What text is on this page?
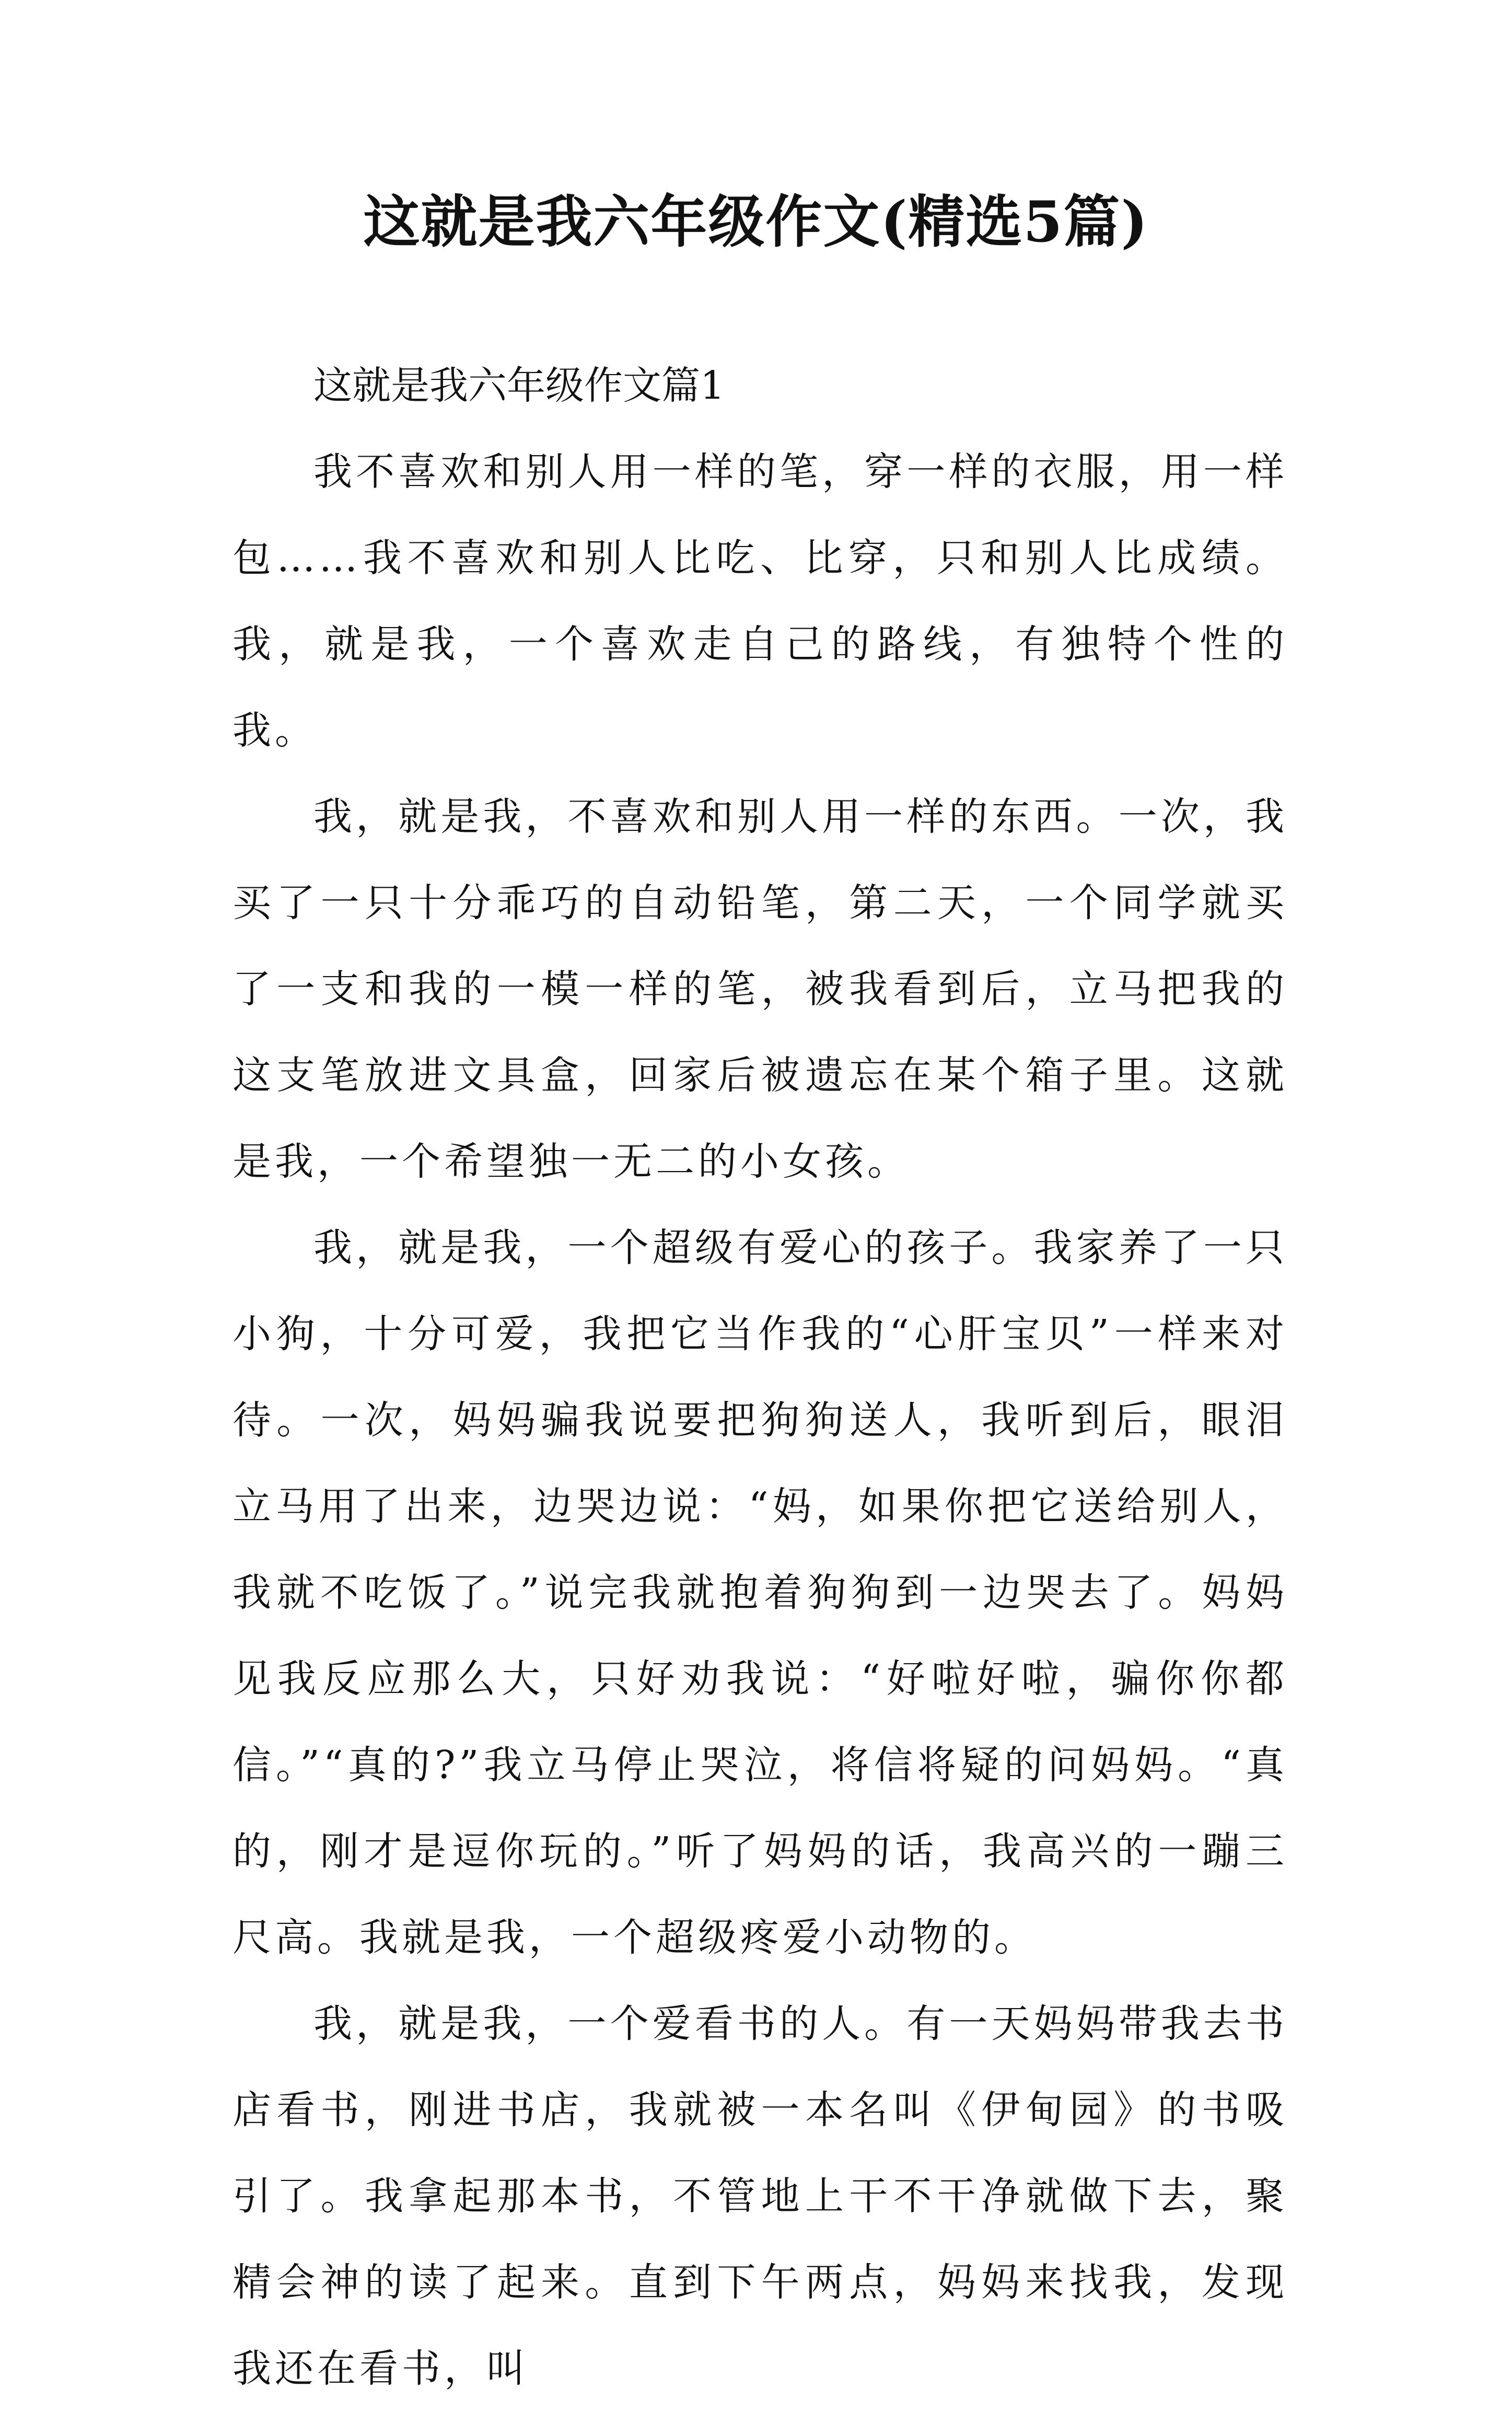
这就是我六年级作文(精选5篇)
这就是我六年级作文篇1

我不喜欢和别人用一样的笔，穿一样的衣服，用一样包……我不喜欢和别人比吃、比穿，只和别人比成绩。我，就是我，一个喜欢走自己的路线，有独特个性的我。

我，就是我，不喜欢和别人用一样的东西。一次，我买了一只十分乖巧的自动铅笔，第二天，一个同学就买了一支和我的一模一样的笔，被我看到后，立马把我的这支笔放进文具盒，回家后被遗忘在某个箱子里。这就是我，一个希望独一无二的小女孩。

我，就是我，一个超级有爱心的孩子。我家养了一只小狗，十分可爱，我把它当作我的“心肝宝贝”一样来对待。一次，妈妈骗我说要把狗狗送人，我听到后，眼泪立马用了出来，边哭边说：“妈，如果你把它送给别人，我就不吃饭了。”说完我就抱着狗狗到一边哭去了。妈妈见我反应那么大，只好劝我说：“好啦好啦，骗你你都信。”“真的?”我立马停止哭泣，将信将疑的问妈妈。“真的，刚才是逗你玩的。”听了妈妈的话，我高兴的一蹦三尺高。我就是我，一个超级疼爱小动物的。

我，就是我，一个爱看书的人。有一天妈妈带我去书店看书，刚进书店，我就被一本名叫《伊甸园》的书吸引了。我拿起那本书，不管地上干不干净就做下去，聚精会神的读了起来。直到下午两点，妈妈来找我，发现我还在看书，叫
